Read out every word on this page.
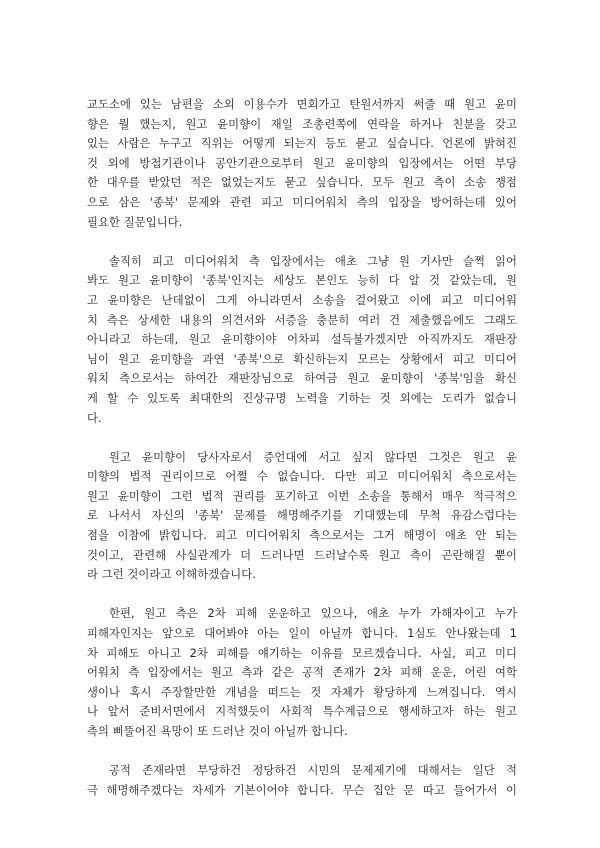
교도소에 있는 남편을 소외 이용수가 면회가고 탄원서까지 써줄 때 원고 윤미
향은 뭘 했는지, 원고 윤미향이 재일 조총련쪽에 연락을 하거나 친분을 갖고
있는 사람은 누구고 직위는 어떻게 되는지 등도 묻고 싶습니다. 언론에 밝혀진
것 외에 방첩기관이나 공안기관으로부터 원고 윤미향의 입장에서는 어떤 부당
한 대우를 받았던 적은 없었는지도 묻고 싶습니다. 모두 원고 측이 소송 쟁점
으로 삼은 '종북' 문제와 관련 피고 미디어워치 측의 입장을 방어하는데 있어
필요한 질문입니다.
솔직히 피고 미디어워치 측 입장에서는 애초 그냥 원 기사만 슬쩍 읽어
봐도 원고 윤미향이 '종북'인지는 세상도 본인도 능히 다 알 것 같았는데, 원
고 윤미향은 난데없이 그게 아니라면서 소송을 걸어왔고 이에 피고 미디어워
치 측은 상세한 내용의 의견서와 서증을 충분히 여러 건 제출했음에도 그래도
아니라고 하는데, 원고 윤미향이야 어차피 설득불가겠지만 아직까지도 재판장
님이 원고 윤미향을 과연 '종북'으로 확신하는지 모르는 상황에서 피고 미디어
워치 측으로서는 하여간 재판장님으로 하여금 원고 윤미향이 '종북'임을 확신
케 할 수 있도록 최대한의 진상규명 노력을 기하는 것 외에는 도리가 없습니
다.
원고 윤미향이 당사자로서 증언대에 서고 싶지 않다면 그것은 원고 윤
미향의 법적 권리이므로 어쩔 수 없습니다. 다만 피고 미디어워치 측으로서는
원고 윤미향이 그런 법적 권리를 포기하고 이번 소송을 통해서 매우 적극적으
로 나서서 자신의 '종북' 문제를 해명해주기를 기대했는데 무척 유감스럽다는
점을 이참에 밝힙니다. 피고 미디어워치 측으로서는 그거 해명이 애초 안 되는
것이고, 관련해 사실관계가 더 드러나면 드러날수록 원고 측이 곤란해질 뿐이
라 그런 것이라고 이해하겠습니다.
한편, 원고 측은 2차 피해 운운하고 있으나, 애초 누가 가해자이고 누가
피해자인지는 앞으로 대어봐야 아는 일이 아닐까 합니다. 1심도 안나왔는데 1
차 피해도 아니고 2차 피해를 얘기하는 이유를 모르겠습니다. 사실, 피고 미디
어워치 측 입장에서는 원고 측과 같은 공적 존재가 2차 피해 운운, 어린 여학
생이나 혹시 주장할만한 개념을 떠드는 것 자체가 황당하게 느껴집니다. 역시
나 앞서 준비서면에서 지적했듯이 사회적 특수계급으로 행세하고자 하는 원고
측의 삐뚤어진 욕망이 또 드러난 것이 아닐까 합니다.
공적 존재라면 부당하건 정당하건 시민의 문제제기에 대해서는 일단 적
극 해명해주겠다는 자세가 기본이어야 합니다. 무슨 집안 문 따고 들어가서 이
